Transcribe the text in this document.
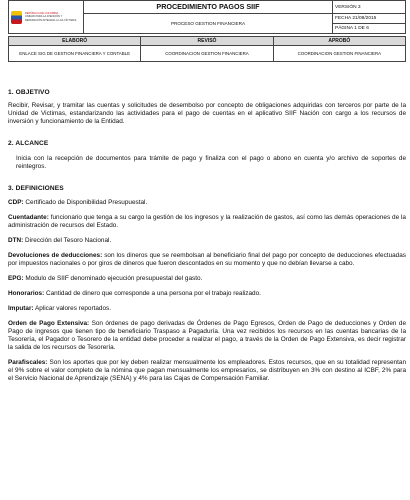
REPÚBLICA DE COLOMBIA
UNIDAD PARA LA ATENCIÓN Y
REPARACIÓN INTEGRAL A LAS VÍCTIMAS	PROCEDIMIENTO PAGOS SIIF	VERSIÓN 3
	PROCESO GESTION FINANCIERA	FECHA 21/08/2015
		PÁGINA 1 DE 6
ELABORÓ	REVISÓ	APROBÓ
ENLACE SIG DE GESTION FINANCIERA Y CONTABLE	COORDINACION GESTION FINANCIERA	COORDINACION GESTION FINANCIERA

1. OBJETIVO

Recibir, Revisar, y tramitar las cuentas y solicitudes de desembolso por concepto de obligaciones adquiridas con terceros por parte de la Unidad de Victimas, estandarizando las actividades para el pago de cuentas en el aplicativo SIIF Nación con cargo a los recursos de inversión y funcionamiento de la Entidad.

2. ALCANCE

Inicia con la recepción de documentos para trámite de pago y finaliza con el pago o abono en cuenta y/o archivo de soportes de reintegros.

3. DEFINICIONES

CDP: Certificado de Disponibilidad Presupuestal.

Cuentadante: funcionario que tenga a su cargo la gestión de los ingresos y la realización de gastos, así como las demás operaciones de la administración de recursos del Estado.

DTN: Dirección del Tesoro Nacional.

Devoluciones de deducciones: son los dineros que se reembolsan al beneficiario final del pago por concepto de deducciones efectuadas por impuestos nacionales o por giros de dineros que fueron descontados en su momento y que no debían llevarse a cabo.

EPG: Modulo de SIIF denominado ejecución presupuestal del gasto.

Honorarios: Cantidad de dinero que corresponde a una persona por el trabajo realizado.

Imputar: Aplicar valores reportados.

Orden de Pago Extensiva: Son órdenes de pago derivadas de Órdenes de Pago Egresos, Orden de Pago de deducciones y Orden de Pago de ingresos que tienen tipo de beneficiario Traspaso a Pagaduría. Una vez recibidos los recursos en las cuentas bancarias de la Tesorería, el Pagador o Tesorero de la entidad debe proceder a realizar el pago, a través de la Orden de Pago Extensiva, es decir registrar la salida de los recursos de Tesorería.

Parafiscales: Son los aportes que por ley deben realizar mensualmente los empleadores. Estos recursos, que en su totalidad representan el 9% sobre el valor completo de la nómina que pagan mensualmente los empresarios, se distribuyen en 3% con destino al ICBF, 2% para el Servicio Nacional de Aprendizaje (SENA) y 4% para las Cajas de Compensación Familiar.
